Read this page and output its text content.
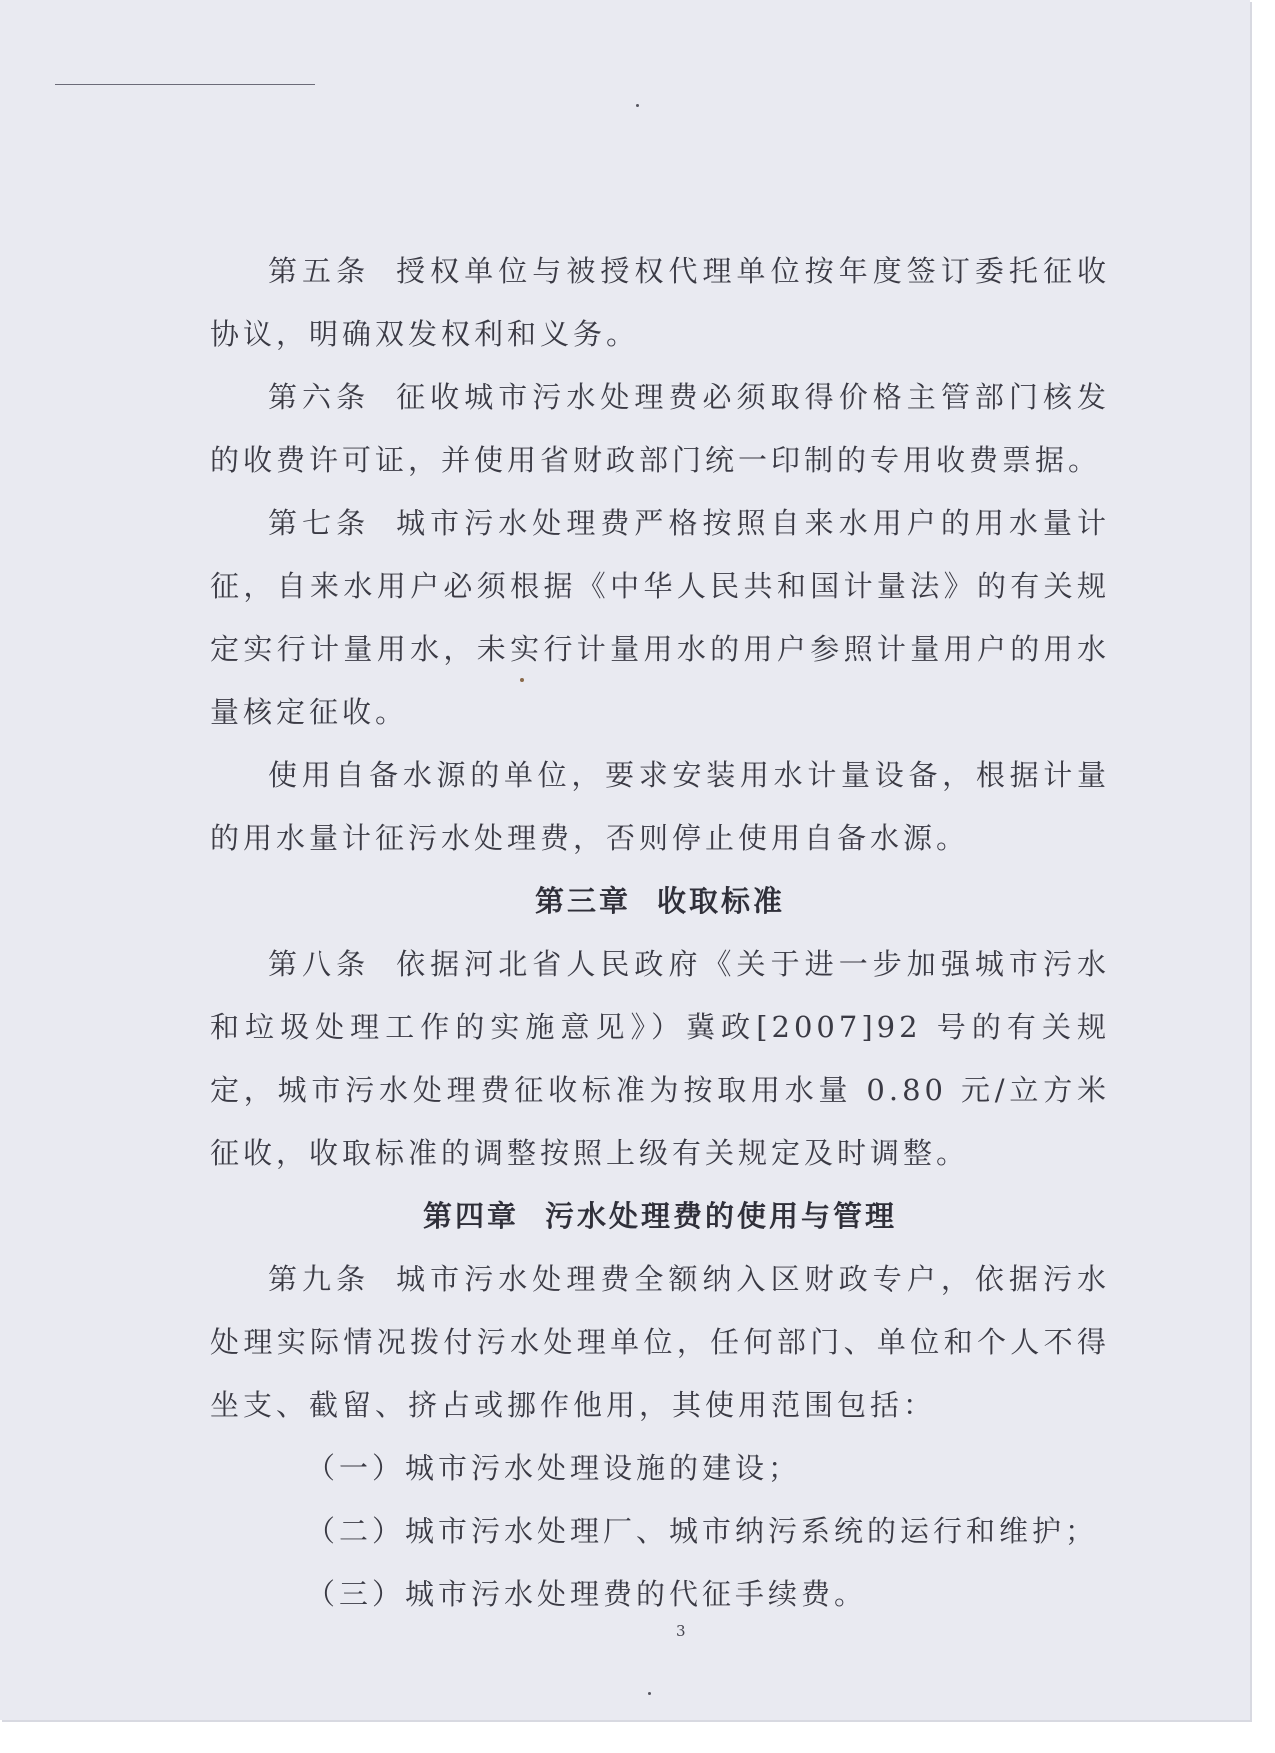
第五条 授权单位与被授权代理单位按年度签订委托征收协议，明确双发权利和义务。

第六条 征收城市污水处理费必须取得价格主管部门核发的收费许可证，并使用省财政部门统一印制的专用收费票据。

第七条 城市污水处理费严格按照自来水用户的用水量计征，自来水用户必须根据《中华人民共和国计量法》的有关规定实行计量用水，未实行计量用水的用户参照计量用户的用水量核定征收。

使用自备水源的单位，要求安装用水计量设备，根据计量的用水量计征污水处理费，否则停止使用自备水源。

第三章 收取标准

第八条 依据河北省人民政府《关于进一步加强城市污水和垃圾处理工作的实施意见》）冀政[2007]92 号的有关规定，城市污水处理费征收标准为按取用水量 0.80 元/立方米征收，收取标准的调整按照上级有关规定及时调整。

第四章 污水处理费的使用与管理

第九条 城市污水处理费全额纳入区财政专户，依据污水处理实际情况拨付污水处理单位，任何部门、单位和个人不得坐支、截留、挤占或挪作他用，其使用范围包括：

（一）城市污水处理设施的建设；

（二）城市污水处理厂、城市纳污系统的运行和维护；

（三）城市污水处理费的代征手续费。

3
